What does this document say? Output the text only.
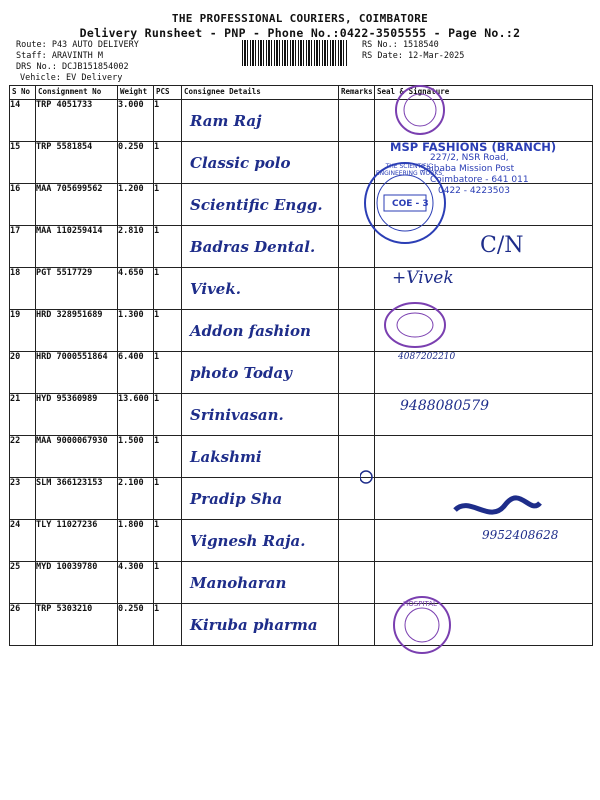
THE PROFESSIONAL COURIERS, COIMBATORE
Delivery Runsheet - PNP - Phone No.:0422-3505555 - Page No.:2
Route: P43 AUTO DELIVERY
Staff: ARAVINTH M
DRS No.: DCJB151854002
Vehicle: EV Delivery
RS No.: 1518540
RS Date: 12-Mar-2025
S No	Consignment No	Weight	PCS	Consignee Details	Remarks	Seal & Signature

14	TRP 4051733	3.000	1	Ram Raj		

15	TRP 5581854	0.250	1	Classic polo		

16	MAA 705699562	1.200	1	Scientific Engg.		

17	MAA 110259414	2.810	1	Badras Dental.		

18	PGT 5517729	4.650	1	Vivek.		

19	HRD 328951689	1.300	1	Addon fashion		

20	HRD 7000551864	6.400	1	photo Today		

21	HYD 95360989	13.600	1	Srinivasan.		

22	MAA 9000067930	1.500	1	Lakshmi		

23	SLM 366123153	2.100	1	Pradip Sha		

24	TLY 11027236	1.800	1	Vignesh Raja.		

25	MYD 10039780	4.300	1	Manoharan		

26	TRP 5303210	0.250	1	Kiruba pharma		

MSP FASHIONS (BRANCH)
227/2, NSR Road,
Saibaba Mission Post
Coimbatore - 641 011
0422 - 4223503
COE - 3
THE SCIENTIFIC ENGINEERING WORKS
HOSPITAL
C/N
+Vivek
4087202210
9488080579
9952408628
